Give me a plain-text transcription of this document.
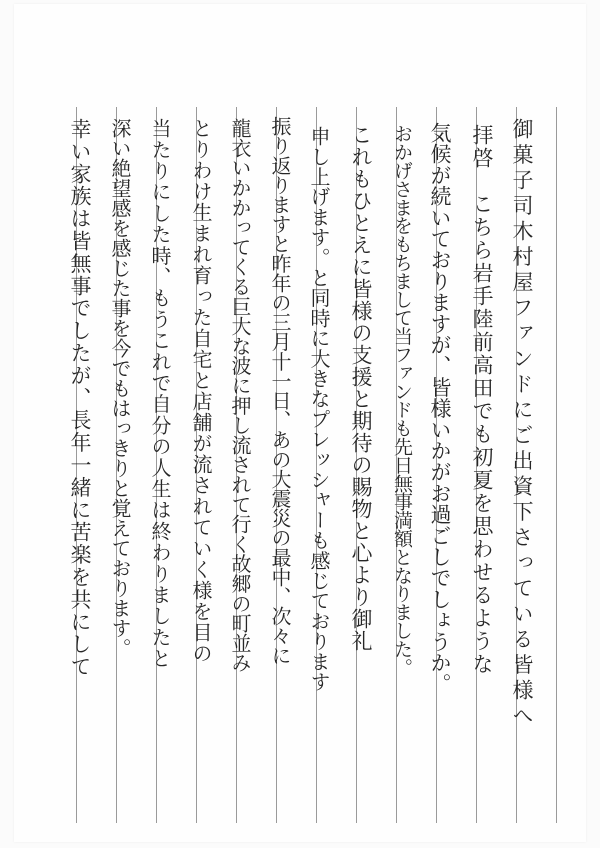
御菓子司木村屋ファンドにご出資下さっている皆様へ
拝啓　こちら岩手陸前高田でも初夏を思わせるような
気候が続いておりますが、皆様いかがお過ごしでしょうか。
おかげさまをもちまして当ファンドも先日無事満額となりました。
これもひとえに皆様の支援と期待の賜物と心より御礼
申し上げます。と同時に大きなプレッシャーも感じております
振り返りますと昨年の三月十一日、あの大震災の最中、次々に
龍衣いかかってくる巨大な波に押し流されて行く故郷の町並み
とりわけ生まれ育った自宅と店舗が流されていく様を目の
当たりにした時、もうこれで自分の人生は終わりましたと
深い絶望感を感じた事を今でもはっきりと覚えております。
幸い家族は皆無事でしたが、長年一緒に苦楽を共にして
